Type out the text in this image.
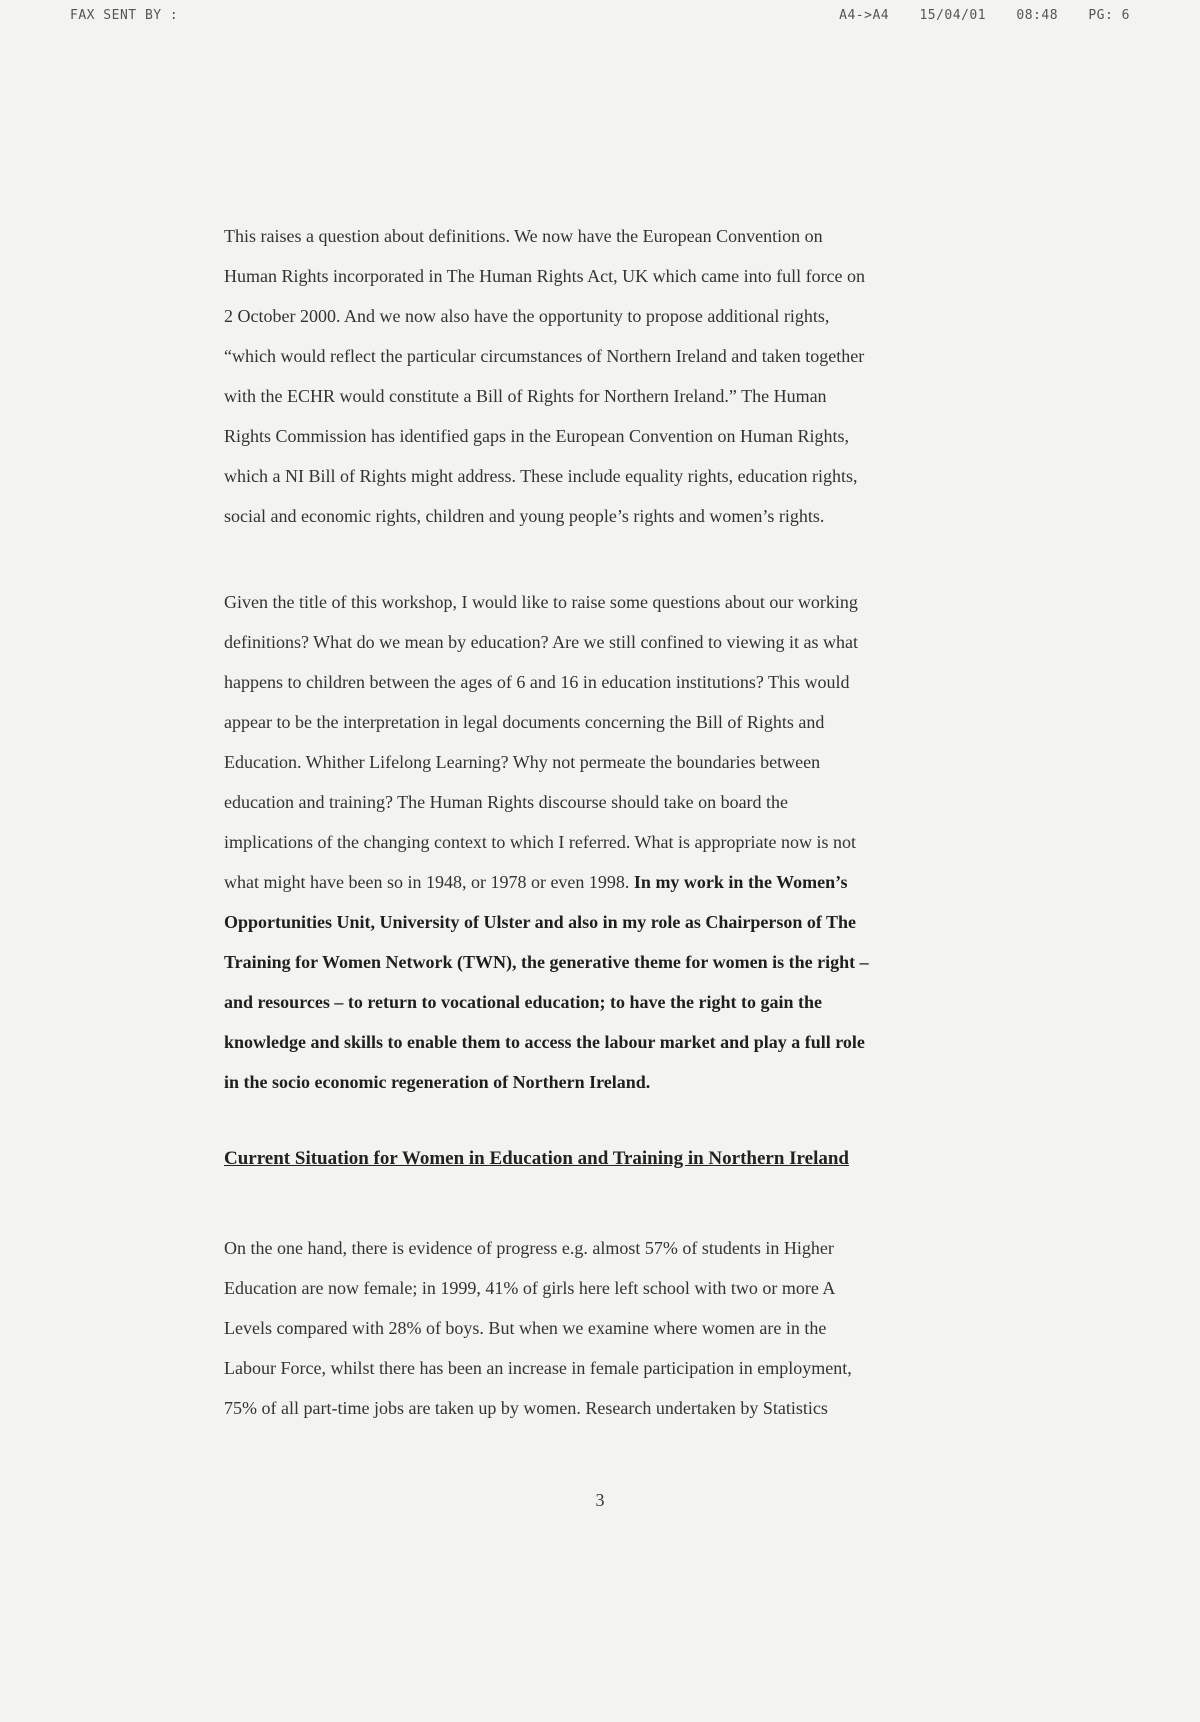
FAX SENT BY :	A4->A4 15/04/01 08:48 PG: 6
This raises a question about definitions. We now have the European Convention on
Human Rights incorporated in The Human Rights Act, UK which came into full force on
2 October 2000. And we now also have the opportunity to propose additional rights,
“which would reflect the particular circumstances of Northern Ireland and taken together
with the ECHR would constitute a Bill of Rights for Northern Ireland.” The Human
Rights Commission has identified gaps in the European Convention on Human Rights,
which a NI Bill of Rights might address. These include equality rights, education rights,
social and economic rights, children and young people’s rights and women’s rights.
Given the title of this workshop, I would like to raise some questions about our working
definitions? What do we mean by education? Are we still confined to viewing it as what
happens to children between the ages of 6 and 16 in education institutions? This would
appear to be the interpretation in legal documents concerning the Bill of Rights and
Education. Whither Lifelong Learning? Why not permeate the boundaries between
education and training? The Human Rights discourse should take on board the
implications of the changing context to which I referred. What is appropriate now is not
what might have been so in 1948, or 1978 or even 1998. In my work in the Women’s
Opportunities Unit, University of Ulster and also in my role as Chairperson of The
Training for Women Network (TWN), the generative theme for women is the right –
and resources – to return to vocational education; to have the right to gain the
knowledge and skills to enable them to access the labour market and play a full role
in the socio economic regeneration of Northern Ireland.
Current Situation for Women in Education and Training in Northern Ireland
On the one hand, there is evidence of progress e.g. almost 57% of students in Higher
Education are now female; in 1999, 41% of girls here left school with two or more A
Levels compared with 28% of boys. But when we examine where women are in the
Labour Force, whilst there has been an increase in female participation in employment,
75% of all part-time jobs are taken up by women. Research undertaken by Statistics
3
